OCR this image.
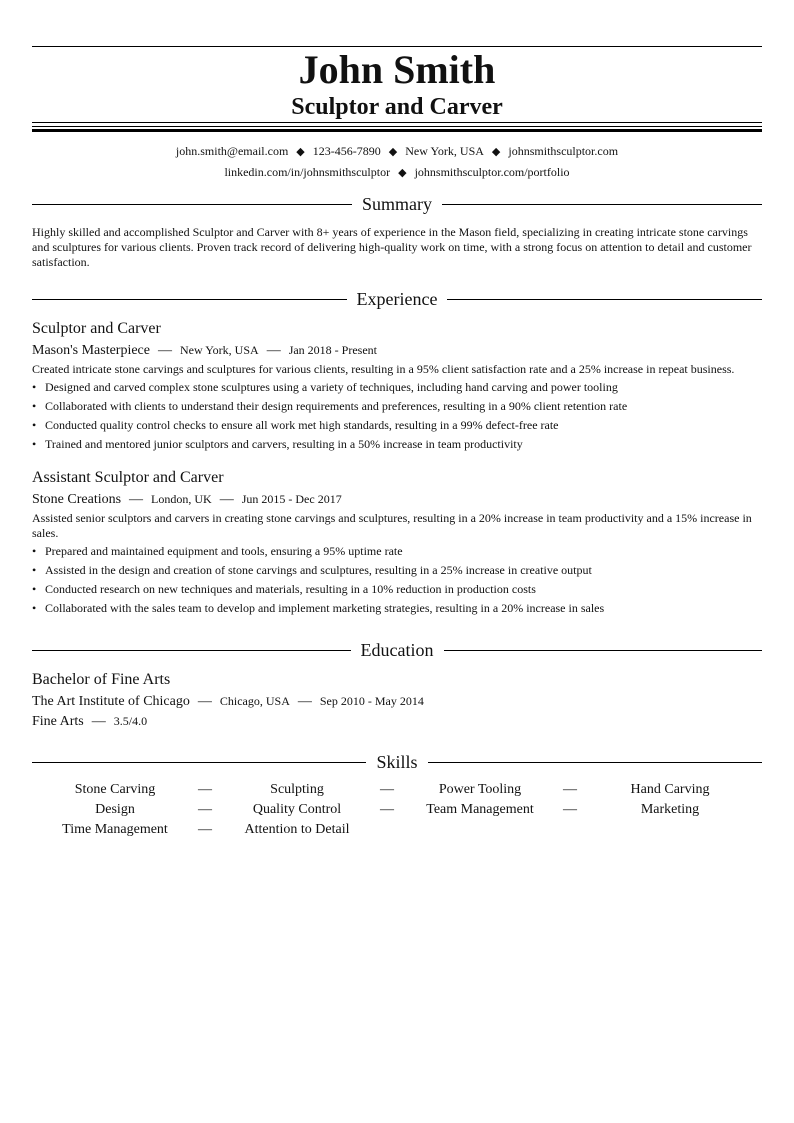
John Smith
Sculptor and Carver
john.smith@email.com ◆ 123-456-7890 ◆ New York, USA ◆ johnsmithsculptor.com
linkedin.com/in/johnsmithsculptor ◆ johnsmithsculptor.com/portfolio
Summary
Highly skilled and accomplished Sculptor and Carver with 8+ years of experience in the Mason field, specializing in creating intricate stone carvings and sculptures for various clients. Proven track record of delivering high-quality work on time, with a strong focus on attention to detail and customer satisfaction.
Experience
Sculptor and Carver
Mason's Masterpiece — New York, USA — Jan 2018 - Present
Created intricate stone carvings and sculptures for various clients, resulting in a 95% client satisfaction rate and a 25% increase in repeat business.
• Designed and carved complex stone sculptures using a variety of techniques, including hand carving and power tooling
• Collaborated with clients to understand their design requirements and preferences, resulting in a 90% client retention rate
• Conducted quality control checks to ensure all work met high standards, resulting in a 99% defect-free rate
• Trained and mentored junior sculptors and carvers, resulting in a 50% increase in team productivity
Assistant Sculptor and Carver
Stone Creations — London, UK — Jun 2015 - Dec 2017
Assisted senior sculptors and carvers in creating stone carvings and sculptures, resulting in a 20% increase in team productivity and a 15% increase in sales.
• Prepared and maintained equipment and tools, ensuring a 95% uptime rate
• Assisted in the design and creation of stone carvings and sculptures, resulting in a 25% increase in creative output
• Conducted research on new techniques and materials, resulting in a 10% reduction in production costs
• Collaborated with the sales team to develop and implement marketing strategies, resulting in a 20% increase in sales
Education
Bachelor of Fine Arts
The Art Institute of Chicago — Chicago, USA — Sep 2010 - May 2014
Fine Arts — 3.5/4.0
Skills
Stone Carving	—	Sculpting	—	Power Tooling	—	Hand Carving
Design	—	Quality Control	—	Team Management	—	Marketing
Time Management	—	Attention to Detail
